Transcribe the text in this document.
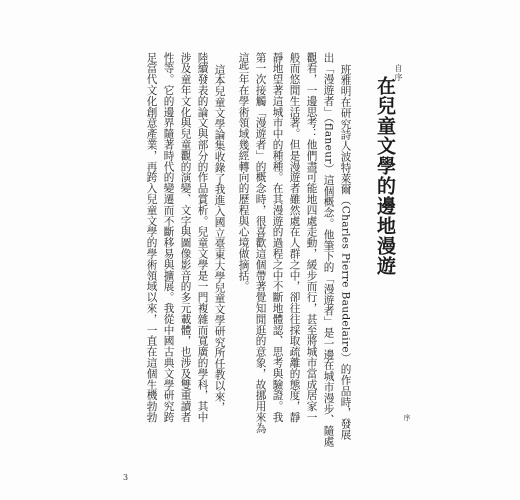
自序
在兒童文學的邊地漫遊
班雅明在研究詩人波特萊爾（Charles Pierre Baudelaire）的作品時，發展
出「漫遊者」（flaneur）這個概念。他筆下的「漫遊者」是一邊在城市漫步、隨處
觀看，一邊思考：他們盡可能地四處走動，緩步而行，甚至將城市當成居家一
般而悠閒生活著。但是漫遊者雖然處在人群之中，卻往往採取疏離的態度，靜
靜地望著這城市中的種種。在其漫遊的過程之中不斷地體認、思考與驗證。我
第一次接觸「漫遊者」的概念時，很喜歡這個帶著覺知閒逛的意象，故挪用來為
這些年在學術領域幾經轉向的歷程與心境做摘括。
這本兒童文學論集收錄了我進入國立臺東大學兒童文學研究所任教以來，
陸續發表的論文與部分的作品賞析。兒童文學是一門複雜而寬廣的學科，其中
涉及童年文化與兒童觀的演變、文字與圖像影音的多元載體，也涉及雙重讀者
性等。它的邊界隨著時代的變遷而不斷移易與擴展。我從中國古典文學研究跨
足當代文化創意產業，再跨入兒童文學的學術領域以來，一直在這個生機勃勃	序
3
